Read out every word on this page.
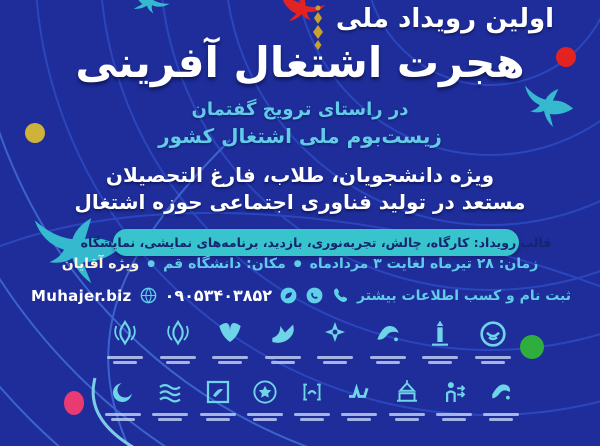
اولین رویداد ملی
هجرت اشتغال آفرینی
در راستای ترویج گفتمان
زیست‌بوم ملی اشتغال کشور
ویژه دانشجویان، طلاب، فارغ التحصیلان
مستعد در تولید فناوری اجتماعی حوزه اشتغال
قالب رویداد: کارگاه، چالش، تجربه‌نوری، بازدید، برنامه‌های نمایشی، نمایشگاه
زمان: ۲۸ تیرماه لغایت ۳ مردادماه
●
مکان: دانشگاه قم
●
ویژه آقایان
Muhajer.biz ۰۹۰۵۳۴۰۳۸۵۲	ثبت نام و کسب اطلاعات بیشتر
